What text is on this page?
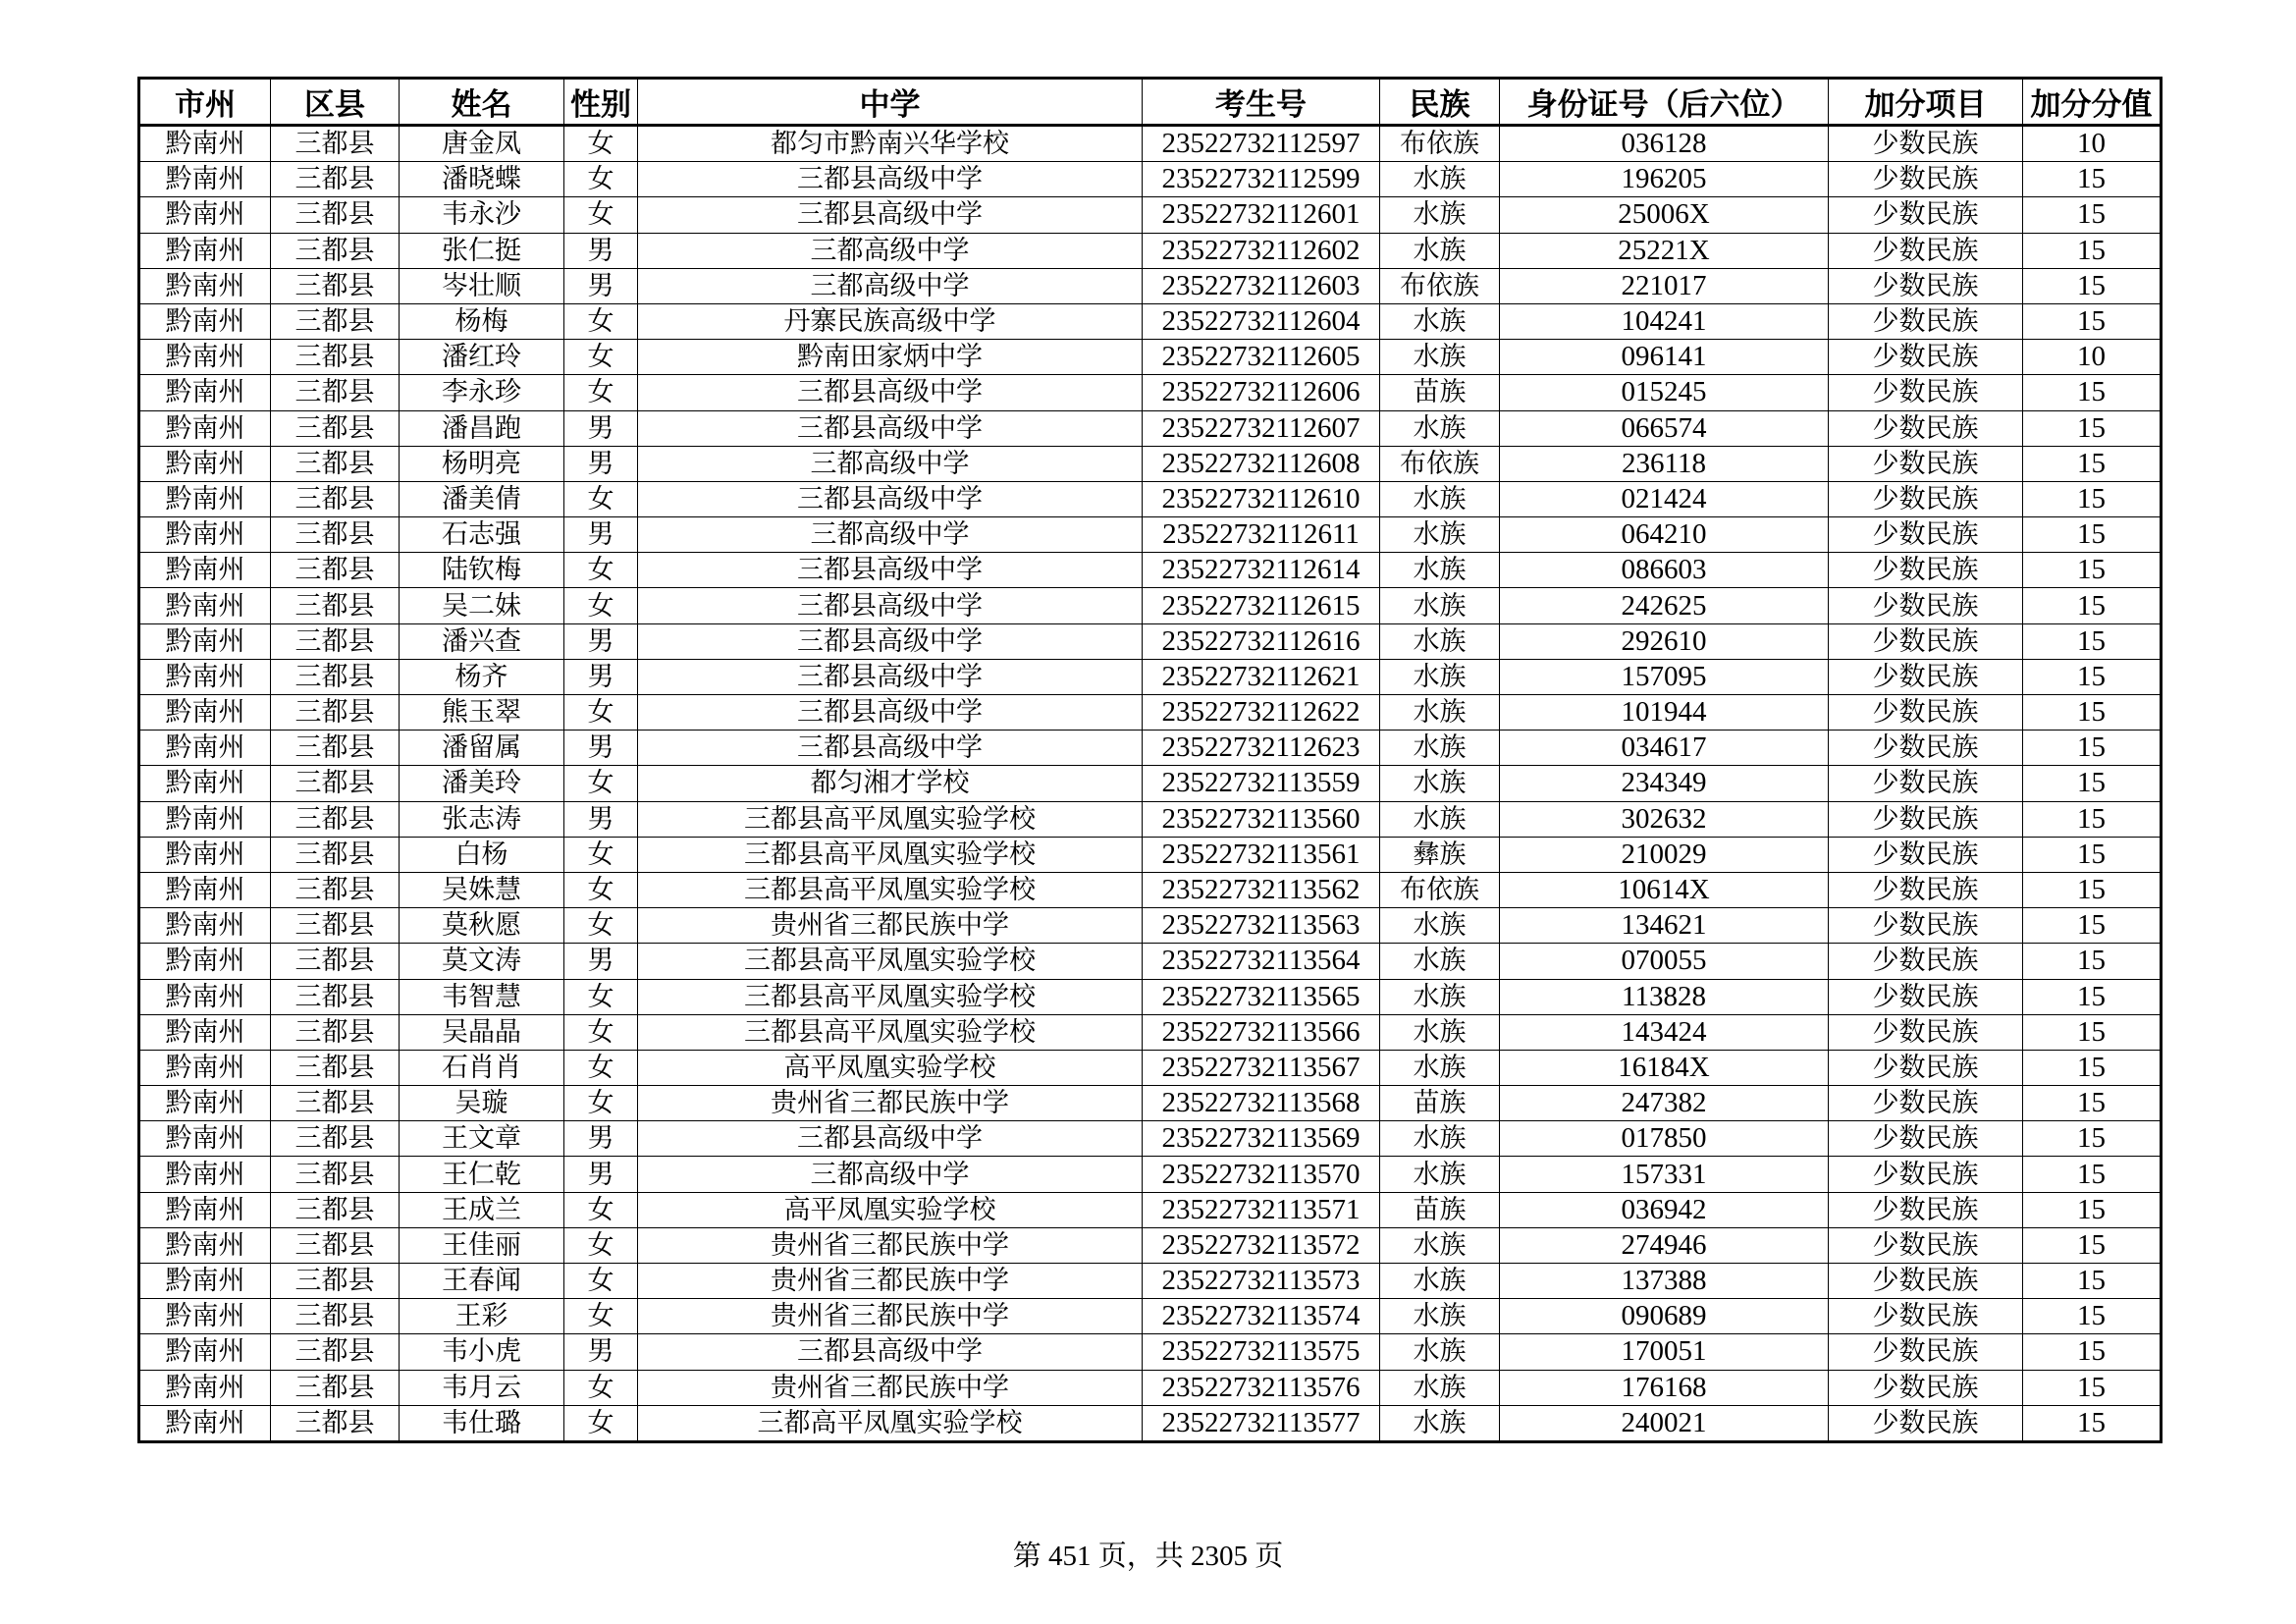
市州	区县	姓名	性别	中学	考生号	民族	身份证号（后六位）	加分项目	加分分值
黔南州	三都县	唐金凤	女	都匀市黔南兴华学校	23522732112597	布依族	036128	少数民族	10
黔南州	三都县	潘晓蝶	女	三都县高级中学	23522732112599	水族	196205	少数民族	15
黔南州	三都县	韦永沙	女	三都县高级中学	23522732112601	水族	25006X	少数民族	15
黔南州	三都县	张仁挺	男	三都高级中学	23522732112602	水族	25221X	少数民族	15
黔南州	三都县	岑壮顺	男	三都高级中学	23522732112603	布依族	221017	少数民族	15
黔南州	三都县	杨梅	女	丹寨民族高级中学	23522732112604	水族	104241	少数民族	15
黔南州	三都县	潘红玲	女	黔南田家炳中学	23522732112605	水族	096141	少数民族	10
黔南州	三都县	李永珍	女	三都县高级中学	23522732112606	苗族	015245	少数民族	15
黔南州	三都县	潘昌跑	男	三都县高级中学	23522732112607	水族	066574	少数民族	15
黔南州	三都县	杨明亮	男	三都高级中学	23522732112608	布依族	236118	少数民族	15
黔南州	三都县	潘美倩	女	三都县高级中学	23522732112610	水族	021424	少数民族	15
黔南州	三都县	石志强	男	三都高级中学	23522732112611	水族	064210	少数民族	15
黔南州	三都县	陆钦梅	女	三都县高级中学	23522732112614	水族	086603	少数民族	15
黔南州	三都县	吴二妹	女	三都县高级中学	23522732112615	水族	242625	少数民族	15
黔南州	三都县	潘兴查	男	三都县高级中学	23522732112616	水族	292610	少数民族	15
黔南州	三都县	杨齐	男	三都县高级中学	23522732112621	水族	157095	少数民族	15
黔南州	三都县	熊玉翠	女	三都县高级中学	23522732112622	水族	101944	少数民族	15
黔南州	三都县	潘留属	男	三都县高级中学	23522732112623	水族	034617	少数民族	15
黔南州	三都县	潘美玲	女	都匀湘才学校	23522732113559	水族	234349	少数民族	15
黔南州	三都县	张志涛	男	三都县高平凤凰实验学校	23522732113560	水族	302632	少数民族	15
黔南州	三都县	白杨	女	三都县高平凤凰实验学校	23522732113561	彝族	210029	少数民族	15
黔南州	三都县	吴姝慧	女	三都县高平凤凰实验学校	23522732113562	布依族	10614X	少数民族	15
黔南州	三都县	莫秋愿	女	贵州省三都民族中学	23522732113563	水族	134621	少数民族	15
黔南州	三都县	莫文涛	男	三都县高平凤凰实验学校	23522732113564	水族	070055	少数民族	15
黔南州	三都县	韦智慧	女	三都县高平凤凰实验学校	23522732113565	水族	113828	少数民族	15
黔南州	三都县	吴晶晶	女	三都县高平凤凰实验学校	23522732113566	水族	143424	少数民族	15
黔南州	三都县	石肖肖	女	高平凤凰实验学校	23522732113567	水族	16184X	少数民族	15
黔南州	三都县	吴璇	女	贵州省三都民族中学	23522732113568	苗族	247382	少数民族	15
黔南州	三都县	王文章	男	三都县高级中学	23522732113569	水族	017850	少数民族	15
黔南州	三都县	王仁乾	男	三都高级中学	23522732113570	水族	157331	少数民族	15
黔南州	三都县	王成兰	女	高平凤凰实验学校	23522732113571	苗族	036942	少数民族	15
黔南州	三都县	王佳丽	女	贵州省三都民族中学	23522732113572	水族	274946	少数民族	15
黔南州	三都县	王春闻	女	贵州省三都民族中学	23522732113573	水族	137388	少数民族	15
黔南州	三都县	王彩	女	贵州省三都民族中学	23522732113574	水族	090689	少数民族	15
黔南州	三都县	韦小虎	男	三都县高级中学	23522732113575	水族	170051	少数民族	15
黔南州	三都县	韦月云	女	贵州省三都民族中学	23522732113576	水族	176168	少数民族	15
黔南州	三都县	韦仕璐	女	三都高平凤凰实验学校	23522732113577	水族	240021	少数民族	15
第 451 页，共 2305 页
